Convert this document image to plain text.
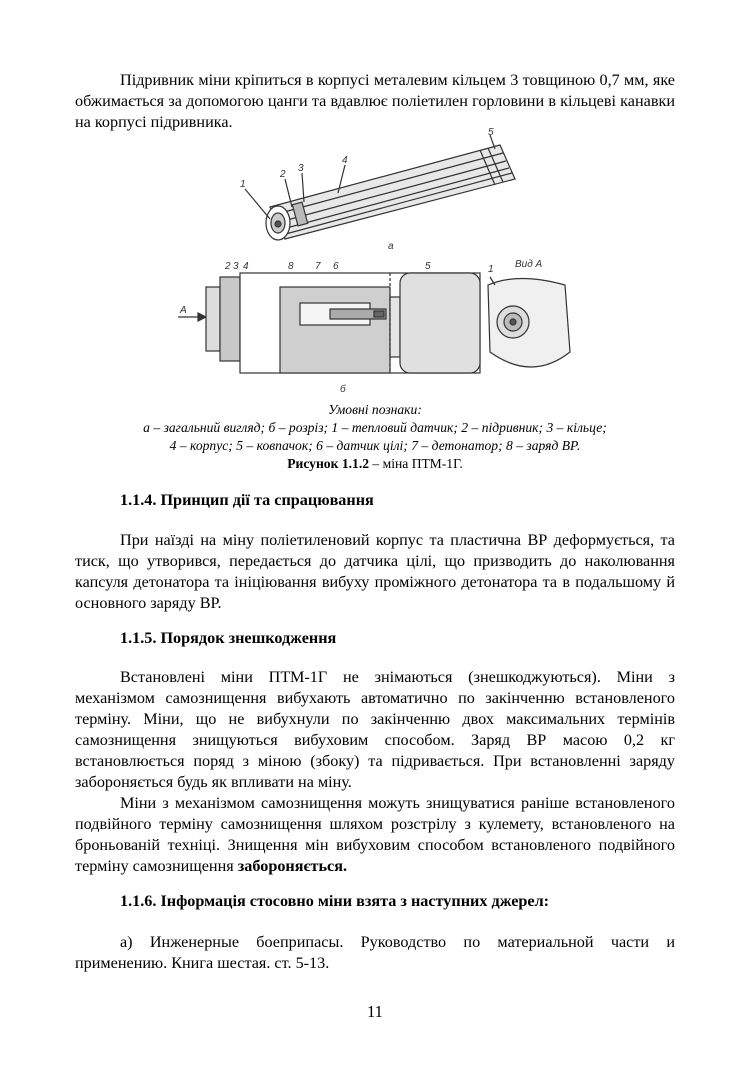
Підривник міни кріпиться в корпусі металевим кільцем 3 товщиною 0,7 мм, яке обжимається за допомогою цанги та вдавлює поліетилен горловини в кільцеві канавки на корпусі підривника.

1
2
3
4
5
а
2 3 4	8 7 6	5
А
б
1 Вид А
Умовні познаки:
а – загальний вигляд; б – розріз; 1 – тепловий датчик; 2 – підривник; 3 – кільце;
4 – корпус; 5 – ковпачок; 6 – датчик цілі; 7 – детонатор; 8 – заряд ВР.
Рисунок 1.1.2 – міна ПТМ-1Г.
1.1.4. Принцип дії та спрацювання

При наїзді на міну поліетиленовий корпус та пластична ВР деформується, та тиск, що утворився, передається до датчика цілі, що призводить до наколювання капсуля детонатора та ініціювання вибуху проміжного детонатора та в подальшому й основного заряду ВР.

1.1.5. Порядок знешкодження

Встановлені міни ПТМ-1Г не знімаються (знешкоджуються). Міни з механізмом самознищення вибухають автоматично по закінченню встановленого терміну. Міни, що не вибухнули по закінченню двох максимальних термінів самознищення знищуються вибуховим способом. Заряд ВР масою 0,2 кг встановлюється поряд з міною (збоку) та підривається. При встановленні заряду забороняється будь як впливати на міну.

Міни з механізмом самознищення можуть знищуватися раніше встановленого подвійного терміну самознищення шляхом розстрілу з кулемету, встановленого на броньованій техніці. Знищення мін вибуховим способом встановленого подвійного терміну самознищення забороняється.

1.1.6. Інформація стосовно міни взята з наступних джерел:

а) Инженерные боеприпасы. Руководство по материальной части и применению. Книга шестая. ст. 5-13.

11
